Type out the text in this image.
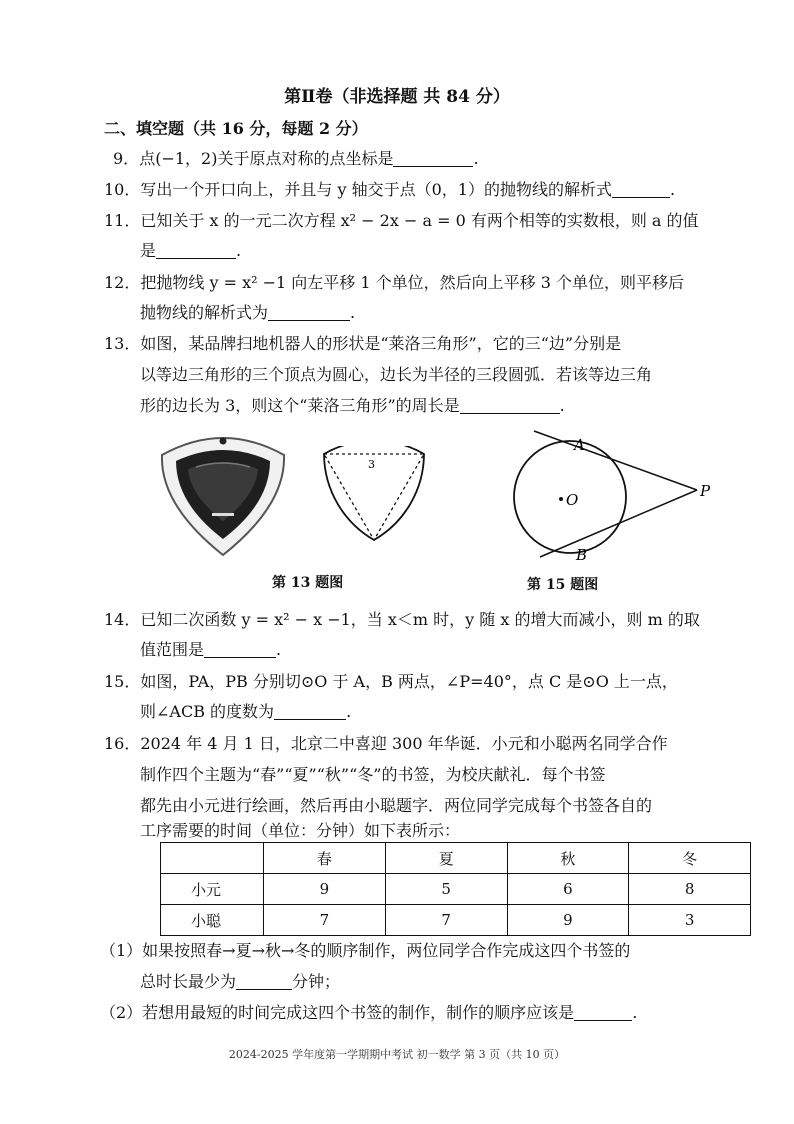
第Ⅱ卷（非选择题 共 84 分）
二、填空题（共 16 分，每题 2 分）
9．点(−1，2)关于原点对称的点坐标是	.
10．写出一个开口向上，并且与 y 轴交于点（0，1）的抛物线的解析式	.
11．已知关于 x 的一元二次方程 x² − 2x − a = 0 有两个相等的实数根，则 a 的值
是	.
12．把抛物线 y = x² −1 向左平移 1 个单位，然后向上平移 3 个单位，则平移后
抛物线的解析式为	.
13．如图，某品牌扫地机器人的形状是“莱洛三角形”，它的三“边”分别是
以等边三角形的三个顶点为圆心，边长为半径的三段圆弧．若该等边三角
形的边长为 3，则这个“莱洛三角形”的周长是	.
3
A
O	P
B
第 13 题图	第 15 题图
14．已知二次函数 y = x² − x −1，当 x＜m 时，y 随 x 的增大而减小，则 m 的取
值范围是	.
15．如图，PA，PB 分别切⊙O 于 A，B 两点，∠P=40°，点 C 是⊙O 上一点，
则∠ACB 的度数为	.
16．2024 年 4 月 1 日，北京二中喜迎 300 年华诞．小元和小聪两名同学合作
制作四个主题为“春”“夏”“秋”“冬”的书签，为校庆献礼．每个书签
都先由小元进行绘画，然后再由小聪题字．两位同学完成每个书签各自的
工序需要的时间（单位：分钟）如下表所示：
	春	夏	秋	冬
小元	9	5	6	8
小聪	7	7	9	3
（1）如果按照春→夏→秋→冬的顺序制作，两位同学合作完成这四个书签的
总时长最少为	分钟；
（2）若想用最短的时间完成这四个书签的制作，制作的顺序应该是	.
2024-2025 学年度第一学期期中考试 初一数学 第 3 页（共 10 页）
